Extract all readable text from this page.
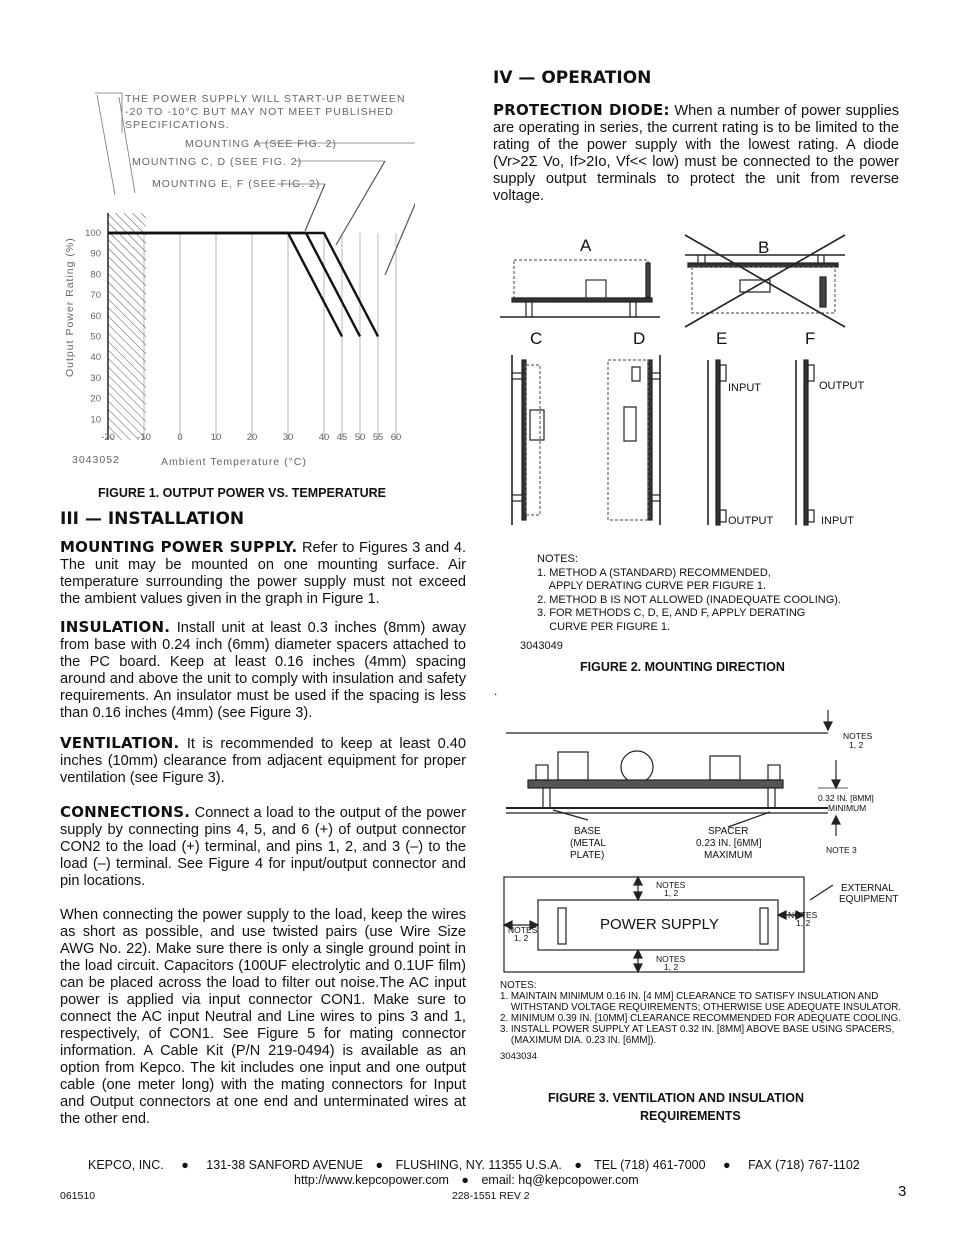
THE POWER SUPPLY WILL START-UP BETWEEN
-20 TO -10°C BUT MAY NOT MEET PUBLISHED
SPECIFICATIONS.
MOUNTING A (SEE FIG. 2)
MOUNTING C, D (SEE FIG. 2)
MOUNTING E, F (SEE FIG. 2)
100
90
80
70
60
50
40
30
20
10
-20 -10	0	10	20	30	40 45 50 55 60
Output Power Rating (%)
Ambient Temperature (°C)
3043052
FIGURE 1. OUTPUT POWER VS. TEMPERATURE
III — INSTALLATION
MOUNTING POWER SUPPLY. Refer to Figures 3 and 4. The unit may be mounted on one mounting surface. Air temperature surrounding the power supply must not exceed the ambient values given in the graph in Figure 1.
INSULATION. Install unit at least 0.3 inches (8mm) away from base with 0.24 inch (6mm) diameter spacers attached to the PC board. Keep at least 0.16 inches (4mm) spacing around and above the unit to comply with insulation and safety requirements. An insulator must be used if the spacing is less than 0.16 inches (4mm) (see Figure 3).
VENTILATION. It is recommended to keep at least 0.40 inches (10mm) clearance from adjacent equipment for proper ventilation (see Figure 3).
CONNECTIONS. Connect a load to the output of the power supply by connecting pins 4, 5, and 6 (+) of output connector CON2 to the load (+) terminal, and pins 1, 2, and 3 (–) to the load (–) terminal. See Figure 4 for input/output connector and pin locations.
When connecting the power supply to the load, keep the wires as short as possible, and use twisted pairs (use Wire Size AWG No. 22). Make sure there is only a single ground point in the load circuit. Capacitors (100UF electrolytic and 0.1UF film) can be placed across the load to filter out noise.The AC input power is applied via input connector CON1. Make sure to connect the AC input Neutral and Line wires to pins 3 and 1, respectively, of CON1. See Figure 5 for mating connector information. A Cable Kit (P/N 219-0494) is available as an option from Kepco. The kit includes one input and one output cable (one meter long) with the mating connectors for Input and Output connectors at one end and unterminated wires at the other end.
IV — OPERATION
PROTECTION DIODE: When a number of power supplies are operating in series, the current rating is to be limited to the rating of the power supply with the lowest rating. A diode (Vr>2Σ Vo, If>2Io, Vf<< low) must be connected to the power supply output terminals to protect the unit from reverse voltage.
A	B
C	D	E	F
INPUT
OUTPUT
OUTPUT
INPUT
NOTES:
1. METHOD A (STANDARD) RECOMMENDED,
APPLY DERATING CURVE PER FIGURE 1.
2. METHOD B IS NOT ALLOWED (INADEQUATE COOLING).
3. FOR METHODS C, D, E, AND F, APPLY DERATING
CURVE PER FIGURE 1.
3043049
FIGURE 2. MOUNTING DIRECTION
.
NOTES
1, 2
0.32 IN. [8MM]
MINIMUM
NOTE 3
NOTES
1, 2
NOTES
1, 2
NOTES
1, 2
NOTES
1, 2
BASE
(METAL
PLATE)
SPACER
0.23 IN. [6MM]
MAXIMUM
EXTERNAL
EQUIPMENT
POWER SUPPLY
NOTES:
1. MAINTAIN MINIMUM 0.16 IN. [4 MM] CLEARANCE TO SATISFY INSULATION AND
WITHSTAND VOLTAGE REQUIREMENTS; OTHERWISE USE ADEQUATE INSULATOR.
2. MINIMUM 0.39 IN. [10MM] CLEARANCE RECOMMENDED FOR ADEQUATE COOLING.
3. INSTALL POWER SUPPLY AT LEAST 0.32 IN. [8MM] ABOVE BASE USING SPACERS,
(MAXIMUM DIA. 0.23 IN. [6MM]).
3043034
FIGURE 3. VENTILATION AND INSULATION
REQUIREMENTS
KEPCO, INC. ● 131-38 SANFORD AVENUE ● FLUSHING, NY. 11355 U.S.A. ● TEL (718) 461-7000 ● FAX (718) 767-1102
http://www.kepcopower.com ● email: hq@kepcopower.com
061510	228-1551 REV 2	3
